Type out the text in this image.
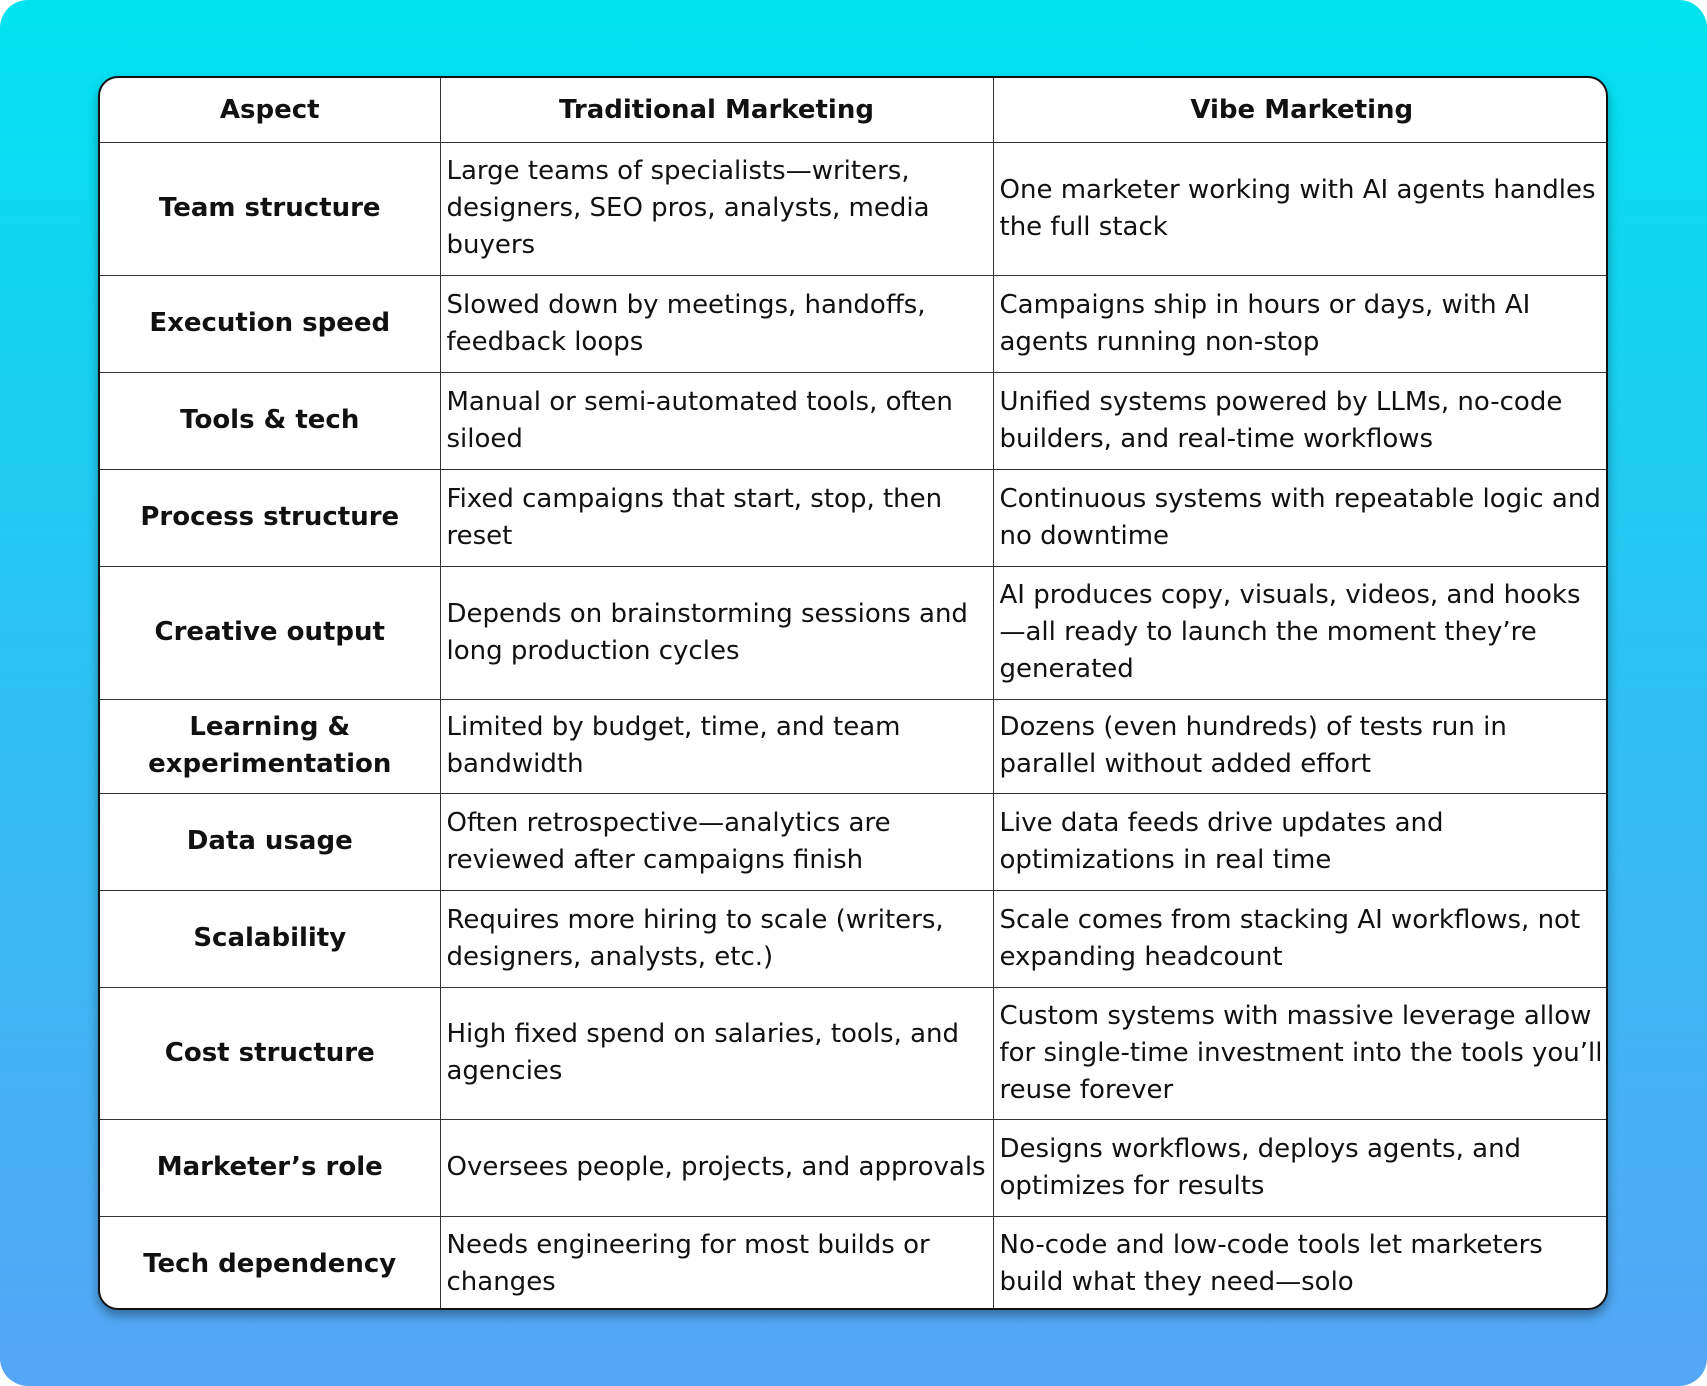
Aspect	Traditional Marketing	Vibe Marketing
Team structure	Large teams of specialists—writers, designers, SEO pros, analysts, media buyers	One marketer working with AI agents handles the full stack
Execution speed	Slowed down by meetings, handoffs, feedback loops	Campaigns ship in hours or days, with AI agents running non-stop
Tools & tech	Manual or semi-automated tools, often siloed	Unified systems powered by LLMs, no-code builders, and real-time workflows
Process structure	Fixed campaigns that start, stop, then reset	Continuous systems with repeatable logic and no downtime
Creative output	Depends on brainstorming sessions and long production cycles	AI produces copy, visuals, videos, and hooks—all ready to launch the moment they’re generated
Learning & experimentation	Limited by budget, time, and team bandwidth	Dozens (even hundreds) of tests run in parallel without added effort
Data usage	Often retrospective—analytics are reviewed after campaigns finish	Live data feeds drive updates and optimizations in real time
Scalability	Requires more hiring to scale (writers, designers, analysts, etc.)	Scale comes from stacking AI workflows, not expanding headcount
Cost structure	High fixed spend on salaries, tools, and agencies	Custom systems with massive leverage allow for single-time investment into the tools you’ll reuse forever
Marketer’s role	Oversees people, projects, and approvals	Designs workflows, deploys agents, and optimizes for results
Tech dependency	Needs engineering for most builds or changes	No-code and low-code tools let marketers build what they need—solo
